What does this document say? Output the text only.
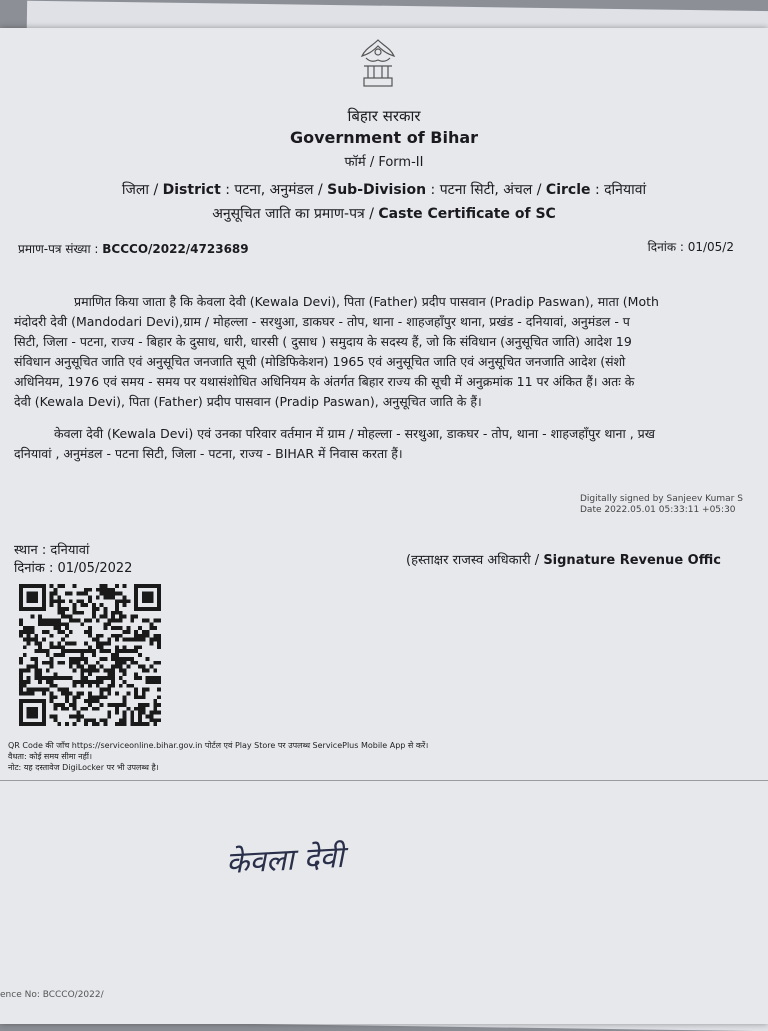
बिहार सरकार
Government of Bihar
फॉर्म / Form-II
जिला / District : पटना, अनुमंडल / Sub-Division : पटना सिटी, अंचल / Circle : दनियावां
अनुसूचित जाति का प्रमाण-पत्र / Caste Certificate of SC
प्रमाण-पत्र संख्या : BCCCO/2022/4723689	दिनांक : 01/05/2
प्रमाणित किया जाता है कि केवला देवी (Kewala Devi), पिता (Father) प्रदीप पासवान (Pradip Paswan), माता (Moth
मंदोदरी देवी (Mandodari Devi),ग्राम / मोहल्ला - सरथुआ, डाकघर - तोप, थाना - शाहजहाँपुर थाना, प्रखंड - दनियावां, अनुमंडल - प
सिटी, जिला - पटना, राज्य - बिहार के दुसाध, धारी, धारसी ( दुसाध ) समुदाय के सदस्य हैं, जो कि संविधान (अनुसूचित जाति) आदेश 19
संविधान अनुसूचित जाति एवं अनुसूचित जनजाति सूची (मोडिफिकेशन) 1965 एवं अनुसूचित जाति एवं अनुसूचित जनजाति आदेश (संशो
अधिनियम, 1976 एवं समय - समय पर यथासंशोधित अधिनियम के अंतर्गत बिहार राज्य की सूची में अनुक्रमांक 11 पर अंकित हैं। अतः के
देवी (Kewala Devi), पिता (Father) प्रदीप पासवान (Pradip Paswan), अनुसूचित जाति के हैं।
केवला देवी (Kewala Devi) एवं उनका परिवार वर्तमान में ग्राम / मोहल्ला - सरथुआ, डाकघर - तोप, थाना - शाहजहाँपुर थाना , प्रख
दनियावां , अनुमंडल - पटना सिटी, जिला - पटना, राज्य - BIHAR में निवास करता हैं।
Digitally signed by Sanjeev Kumar S
Date 2022.05.01 05:33:11 +05:30
स्थान : दनियावां
दिनांक : 01/05/2022
(हस्ताक्षर राजस्व अधिकारी / Signature Revenue Offic
QR Code की जाँच https://serviceonline.bihar.gov.in पोर्टल एवं Play Store पर उपलब्ध ServicePlus Mobile App से करें।
वैधता: कोई समय सीमा नहीं।
नोट: यह दस्तावेज DigiLocker पर भी उपलब्ध है।
केवला देवी
ence No: BCCCO/2022/
